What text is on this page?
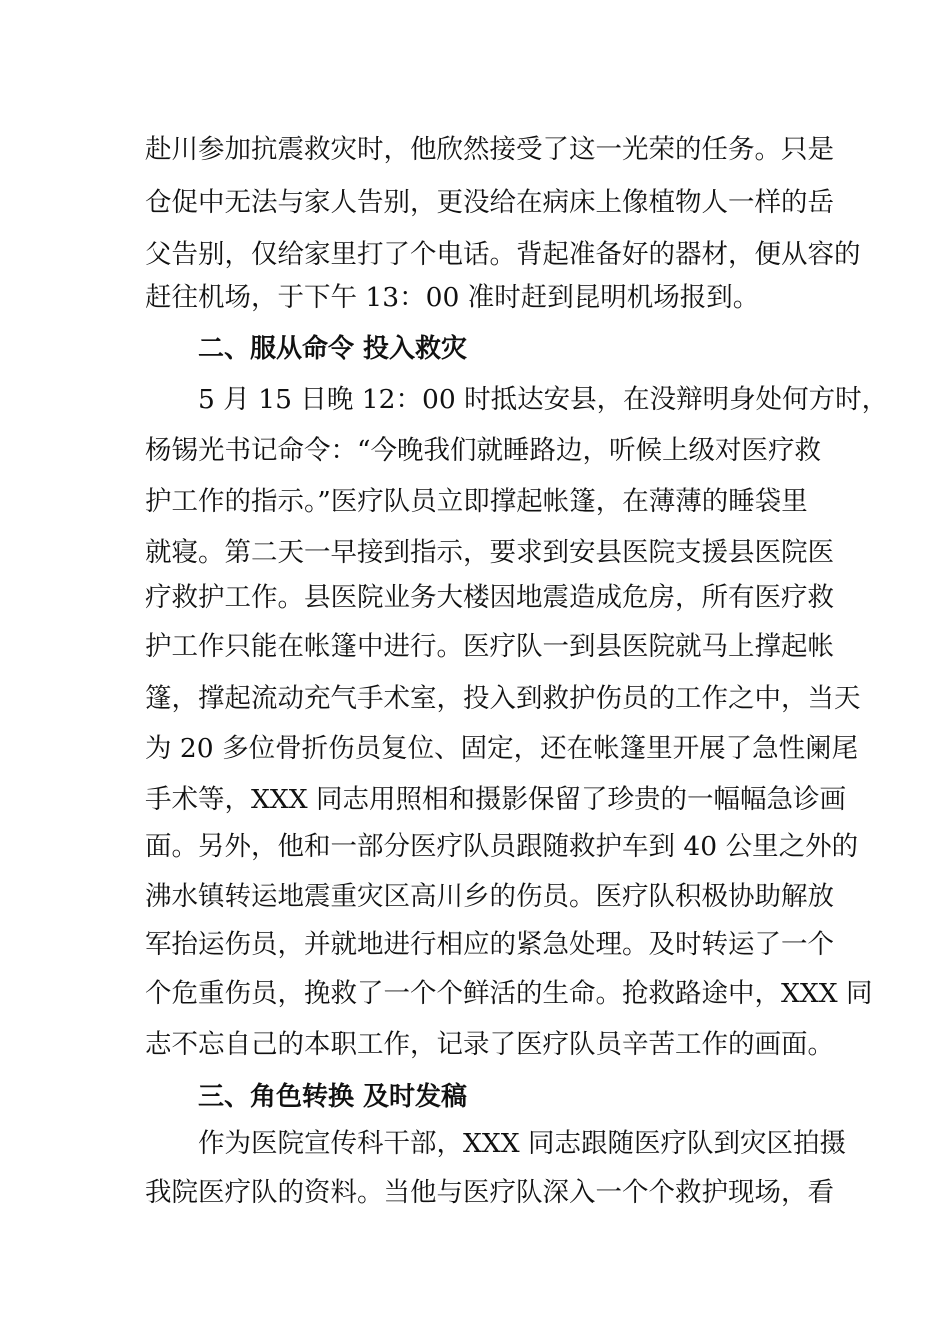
赴川参加抗震救灾时，他欣然接受了这一光荣的任务。只是
仓促中无法与家人告别，更没给在病床上像植物人一样的岳
父告别，仅给家里打了个电话。背起准备好的器材，便从容的
赶往机场，于下午 13：00 准时赶到昆明机场报到。
二、服从命令 投入救灾
5 月 15 日晚 12：00 时抵达安县，在没辩明身处何方时，
杨锡光书记命令：“今晚我们就睡路边，听候上级对医疗救
护工作的指示。”医疗队员立即撑起帐篷，在薄薄的睡袋里
就寝。第二天一早接到指示，要求到安县医院支援县医院医
疗救护工作。县医院业务大楼因地震造成危房，所有医疗救
护工作只能在帐篷中进行。医疗队一到县医院就马上撑起帐
篷，撑起流动充气手术室，投入到救护伤员的工作之中，当天
为 20 多位骨折伤员复位、固定，还在帐篷里开展了急性阑尾
手术等，XXX 同志用照相和摄影保留了珍贵的一幅幅急诊画
面。另外，他和一部分医疗队员跟随救护车到 40 公里之外的
沸水镇转运地震重灾区高川乡的伤员。医疗队积极协助解放
军抬运伤员，并就地进行相应的紧急处理。及时转运了一个
个危重伤员，挽救了一个个鲜活的生命。抢救路途中，XXX 同
志不忘自己的本职工作，记录了医疗队员辛苦工作的画面。
三、角色转换 及时发稿
作为医院宣传科干部，XXX 同志跟随医疗队到灾区拍摄
我院医疗队的资料。当他与医疗队深入一个个救护现场，看
